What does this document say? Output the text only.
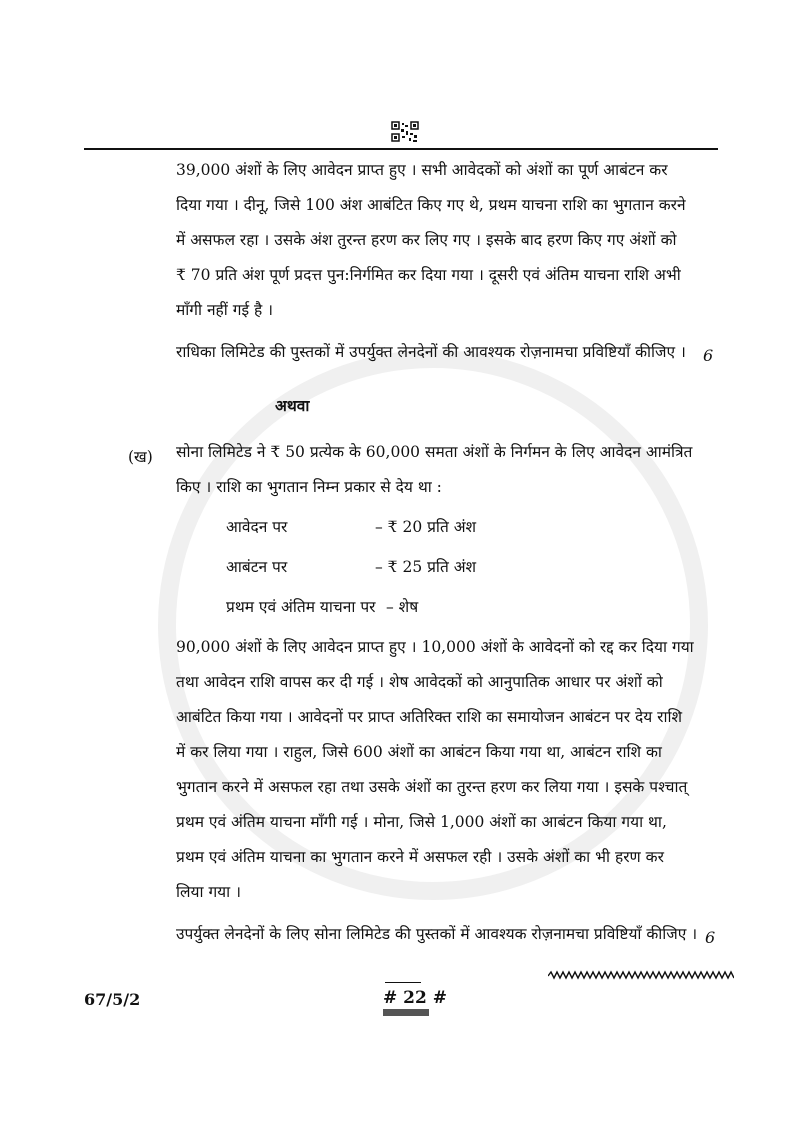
39,000 अंशों के लिए आवेदन प्राप्त हुए । सभी आवेदकों को अंशों का पूर्ण आबंटन कर
दिया गया । दीनू, जिसे 100 अंश आबंटित किए गए थे, प्रथम याचना राशि का भुगतान करने
में असफल रहा । उसके अंश तुरन्त हरण कर लिए गए । इसके बाद हरण किए गए अंशों को
₹ 70 प्रति अंश पूर्ण प्रदत्त पुन:निर्गमित कर दिया गया । दूसरी एवं अंतिम याचना राशि अभी
माँगी नहीं गई है ।
राधिका लिमिटेड की पुस्तकों में उपर्युक्त लेनदेनों की आवश्यक रोज़नामचा प्रविष्टियाँ कीजिए । 6
अथवा
(ख) सोना लिमिटेड ने ₹ 50 प्रत्येक के 60,000 समता अंशों के निर्गमन के लिए आवेदन आमंत्रित
किए । राशि का भुगतान निम्न प्रकार से देय था :
आवेदन पर	– ₹ 20 प्रति अंश
आबंटन पर	– ₹ 25 प्रति अंश
प्रथम एवं अंतिम याचना पर – शेष
90,000 अंशों के लिए आवेदन प्राप्त हुए । 10,000 अंशों के आवेदनों को रद्द कर दिया गया
तथा आवेदन राशि वापस कर दी गई । शेष आवेदकों को आनुपातिक आधार पर अंशों को
आबंटित किया गया । आवेदनों पर प्राप्त अतिरिक्त राशि का समायोजन आबंटन पर देय राशि
में कर लिया गया । राहुल, जिसे 600 अंशों का आबंटन किया गया था, आबंटन राशि का
भुगतान करने में असफल रहा तथा उसके अंशों का तुरन्त हरण कर लिया गया । इसके पश्चात्
प्रथम एवं अंतिम याचना माँगी गई । मोना, जिसे 1,000 अंशों का आबंटन किया गया था,
प्रथम एवं अंतिम याचना का भुगतान करने में असफल रही । उसके अंशों का भी हरण कर
लिया गया ।
उपर्युक्त लेनदेनों के लिए सोना लिमिटेड की पुस्तकों में आवश्यक रोज़नामचा प्रविष्टियाँ कीजिए । 6
67/5/2	# 22 #
